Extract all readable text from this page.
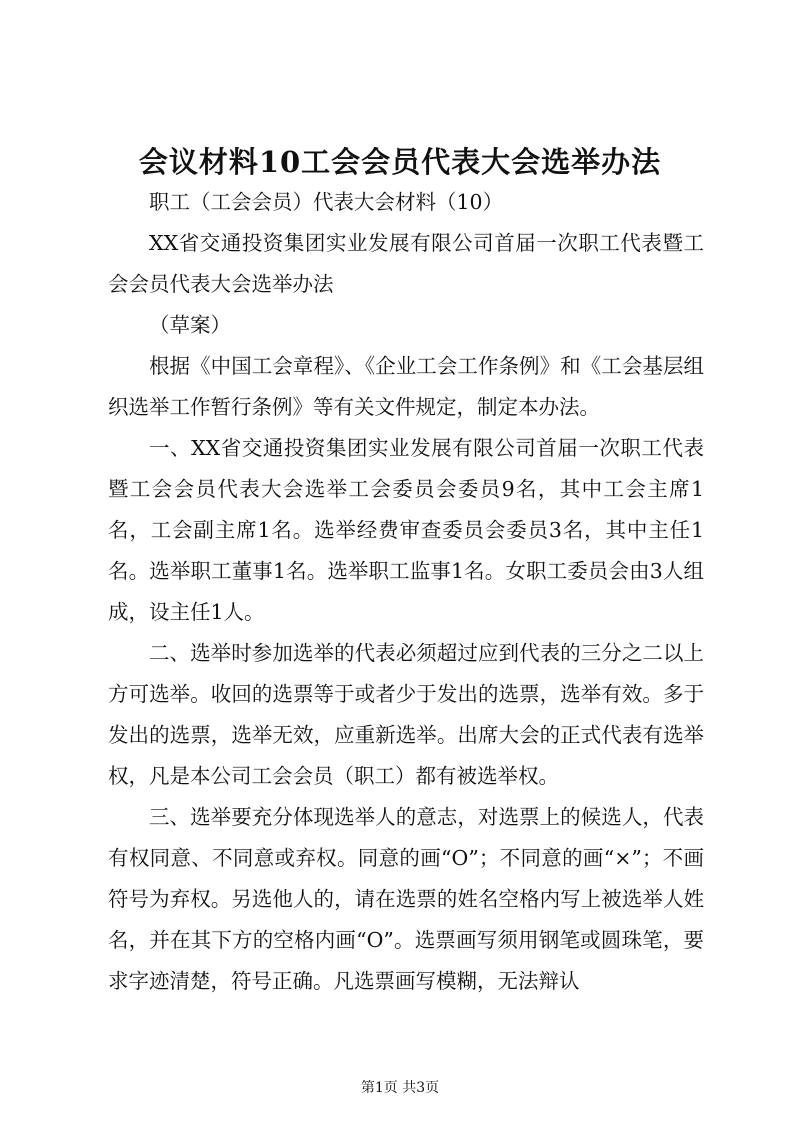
会议材料10工会会员代表大会选举办法

职工（工会会员）代表大会材料（10）

XX省交通投资集团实业发展有限公司首届一次职工代表暨工会会员代表大会选举办法

（草案）

根据《中国工会章程》、《企业工会工作条例》和《工会基层组织选举工作暂行条例》等有关文件规定，制定本办法。

一、XX省交通投资集团实业发展有限公司首届一次职工代表暨工会会员代表大会选举工会委员会委员9名，其中工会主席1名，工会副主席1名。选举经费审查委员会委员3名，其中主任1名。选举职工董事1名。选举职工监事1名。女职工委员会由3人组成，设主任1人。

二、选举时参加选举的代表必须超过应到代表的三分之二以上方可选举。收回的选票等于或者少于发出的选票，选举有效。多于发出的选票，选举无效，应重新选举。出席大会的正式代表有选举权，凡是本公司工会会员（职工）都有被选举权。

三、选举要充分体现选举人的意志，对选票上的候选人，代表有权同意、不同意或弃权。同意的画“O”；不同意的画“×”；不画符号为弃权。另选他人的，请在选票的姓名空格内写上被选举人姓名，并在其下方的空格内画“O”。选票画写须用钢笔或圆珠笔，要求字迹清楚，符号正确。凡选票画写模糊，无法辩认

第1页 共3页
